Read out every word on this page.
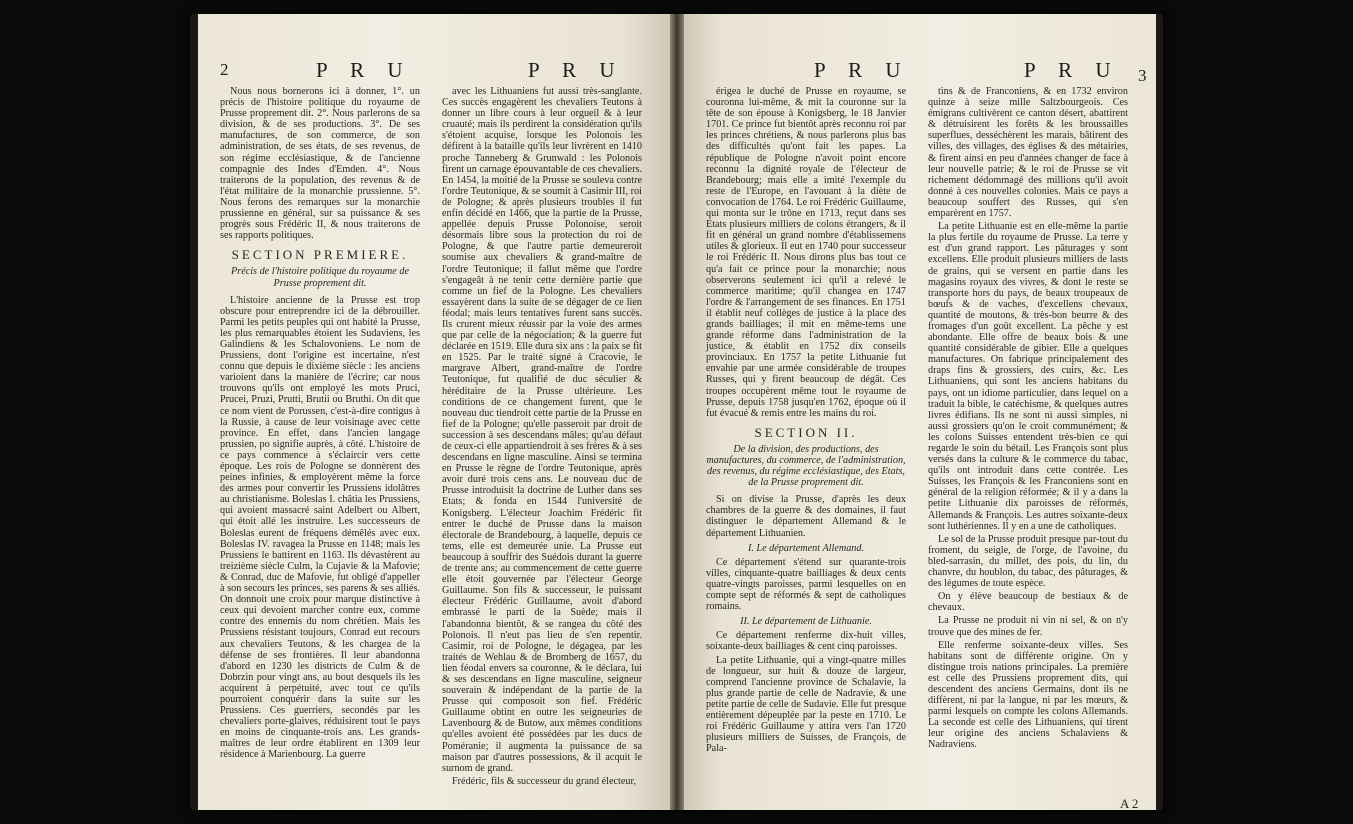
2	P R U	P R U

Nous nous bornerons ici à donner, 1°. un précis de l'histoire politique du royaume de Prusse proprement dit. 2°. Nous parlerons de sa division, & de ses productions. 3°. De ses manufactures, de son commerce, de son administration, de ses états, de ses revenus, de son régime ecclésiastique, & de l'ancienne compagnie des Indes d'Emden. 4°. Nous traiterons de la population, des revenus & de l'état militaire de la monarchie prussienne. 5°. Nous ferons des remarques sur la monarchie prussienne en général, sur sa puissance & ses progrès sous Frédéric II, & nous traiterons de ses rapports politiques.

SECTION PREMIERE.

Précis de l'histoire politique du royaume de Prusse proprement dit.

L'histoire ancienne de la Prusse est trop obscure pour entreprendre ici de la débrouiller. Parmi les petits peuples qui ont habité la Prusse, les plus remarquables étoient les Sudaviens, les Galindiens & les Schalovoniens. Le nom de Prussiens, dont l'origine est incertaine, n'est connu que depuis le dixième siècle : les anciens varioient dans la manière de l'écrire; car nous trouvons qu'ils ont employé les mots Pruci, Prucei, Pruzi, Prutti, Brutii ou Bruthi. On dit que ce nom vient de Porussen, c'est-à-dire contigus à la Russie, à cause de leur voisinage avec cette province. En effet, dans l'ancien langage prussien, po signifie auprès, à côté. L'histoire de ce pays commence à s'éclaircir vers cette époque. Les rois de Pologne se donnèrent des peines infinies, & employèrent même la force des armes pour convertir les Prussiens idolâtres au christianisme. Boleslas I. châtia les Prussiens, qui avoient massacré saint Adelbert ou Albert, qui étoit allé les instruire. Les successeurs de Boleslas eurent de fréquens démêlés avec eux. Boleslas IV. ravagea la Prusse en 1148; mais les Prussiens le battirent en 1163. Ils dévastèrent au treizième siècle Culm, la Cujavie & la Mafovie; & Conrad, duc de Mafovie, fut obligé d'appeller à son secours les princes, ses parens & ses alliés. On donnoit une croix pour marque distinctive à ceux qui devoient marcher contre eux, comme contre des ennemis du nom chrétien. Mais les Prussiens résistant toujours, Conrad eut recours aux chevaliers Teutons, & les chargea de la défense de ses frontières. Il leur abandonna d'abord en 1230 les districts de Culm & de Dobrzin pour vingt ans, au bout desquels ils les acquirent à perpétuité, avec tout ce qu'ils pourroient conquérir dans la suite sur les Prussiens. Ces guerriers, secondés par les chevaliers porte-glaives, réduisirent tout le pays en moins de cinquante-trois ans. Les grands-maîtres de leur ordre établirent en 1309 leur résidence à Marienbourg. La guerre

avec les Lithuaniens fut aussi très-sanglante. Ces succès engagèrent les chevaliers Teutons à donner un libre cours à leur orgueil & à leur cruauté; mais ils perdirent la considération qu'ils s'étoient acquise, lorsque les Polonois les défirent à la bataille qu'ils leur livrèrent en 1410 proche Tanneberg & Grunwald : les Polonois firent un carnage épouvantable de ces chevaliers. En 1454, la moitié de la Prusse se souleva contre l'ordre Teutonique, & se soumit à Casimir III, roi de Pologne; & après plusieurs troubles il fut enfin décidé en 1466, que la partie de la Prusse, appellée depuis Prusse Polonoise, seroit désormais libre sous la protection du roi de Pologne, & que l'autre partie demeureroit soumise aux chevaliers & grand-maître de l'ordre Teutonique; il fallut même que l'ordre s'engageât à ne tenir cette dernière partie que comme un fief de la Pologne. Les chevaliers essayèrent dans la suite de se dégager de ce lien féodal; mais leurs tentatives furent sans succès. Ils crurent mieux réussir par la voie des armes que par celle de la négociation; & la guerre fut déclarée en 1519. Elle dura six ans : la paix se fit en 1525. Par le traité signé à Cracovie, le margrave Albert, grand-maître de l'ordre Teutonique, fut qualifié de duc séculier & héréditaire de la Prusse ultérieure. Les conditions de ce changement furent, que le nouveau duc tiendroit cette partie de la Prusse en fief de la Pologne; qu'elle passeroit par droit de succession à ses descendans mâles; qu'au défaut de ceux-ci elle appartiendroit à ses frères & à ses descendans en ligne masculine. Ainsi se termina en Prusse le règne de l'ordre Teutonique, après avoir duré trois cens ans. Le nouveau duc de Prusse introduisit la doctrine de Luther dans ses Etats; & fonda en 1544 l'université de Konigsberg. L'électeur Joachim Frédéric fit entrer le duché de Prusse dans la maison électorale de Brandebourg, à laquelle, depuis ce tems, elle est demeurée unie. La Prusse eut beaucoup à souffrir des Suédois durant la guerre de trente ans; au commencement de cette guerre elle étoit gouvernée par l'électeur George Guillaume. Son fils & successeur, le puissant électeur Frédéric Guillaume, avoit d'abord embrassé le parti de la Suède; mais il l'abandonna bientôt, & se rangea du côté des Polonois. Il n'eut pas lieu de s'en repentir. Casimir, roi de Pologne, le dégagea, par les traités de Wehlau & de Bromberg de 1657, du lien féodal envers sa couronne, & le déclara, lui & ses descendans en ligne masculine, seigneur souverain & indépendant de la partie de la Prusse qui composoit son fief. Frédéric Guillaume obtint en outre les seigneuries de Lavenbourg & de Butow, aux mêmes conditions qu'elles avoient été possédées par les ducs de Poméranie; il augmenta la puissance de sa maison par d'autres possessions, & il acquit le surnom de grand.

Frédéric, fils & successeur du grand électeur,

P R U	P R U 3

érigea le duché de Prusse en royaume, se couronna lui-même, & mit la couronne sur la tête de son épouse à Konigsberg, le 18 Janvier 1701. Ce prince fut bientôt après reconnu roi par les princes chrétiens, & nous parlerons plus bas des difficultés qu'ont fait les papes. La république de Pologne n'avoit point encore reconnu la dignité royale de l'électeur de Brandebourg; mais elle a imité l'exemple du reste de l'Europe, en l'avouant à la diète de convocation de 1764. Le roi Frédéric Guillaume, qui monta sur le trône en 1713, reçut dans ses Etats plusieurs milliers de colons étrangers, & il fit en général un grand nombre d'établissemens utiles & glorieux. Il eut en 1740 pour successeur le roi Frédéric II. Nous dirons plus bas tout ce qu'a fait ce prince pour la monarchie; nous observerons seulement ici qu'il a relevé le commerce maritime; qu'il changea en 1747 l'ordre & l'arrangement de ses finances. En 1751 il établit neuf collèges de justice à la place des grands bailliages; il mit en même-tems une grande réforme dans l'administration de la justice, & établit en 1752 dix conseils provinciaux. En 1757 la petite Lithuanie fut envahie par une armée considérable de troupes Russes, qui y firent beaucoup de dégât. Ces troupes occupèrent même tout le royaume de Prusse, depuis 1758 jusqu'en 1762, époque où il fut évacué & remis entre les mains du roi.

SECTION II.

De la division, des productions, des manufactures, du commerce, de l'administration, des revenus, du régime ecclésiastique, des Etats, de la Prusse proprement dit.

Si on divise la Prusse, d'après les deux chambres de la guerre & des domaines, il faut distinguer le département Allemand & le département Lithuanien.

I. Le département Allemand.

Ce département s'étend sur quarante-trois villes, cinquante-quatre bailliages & deux cents quatre-vingts paroisses, parmi lesquelles on en compte sept de réformés & sept de catholiques romains.

II. Le département de Lithuanie.

Ce département renferme dix-huit villes, soixante-deux bailliages & cent cinq paroisses.

La petite Lithuanie, qui a vingt-quatre milles de longueur, sur huit & douze de largeur, comprend l'ancienne province de Schalavie, la plus grande partie de celle de Nadravie, & une petite partie de celle de Sudavie. Elle fut presque entièrement dépeuplée par la peste en 1710. Le roi Frédéric Guillaume y attira vers l'an 1720 plusieurs milliers de Suisses, de François, de Pala-

tins & de Franconiens, & en 1732 environ quinze à seize mille Saltzbourgeois. Ces émigrans cultivèrent ce canton désert, abattirent & détruisirent les forêts & les broussailles superflues, desséchèrent les marais, bâtirent des villes, des villages, des églises & des métairies, & firent ainsi en peu d'années changer de face à leur nouvelle patrie; & le roi de Prusse se vit richement dédommagé des millions qu'il avoit donné à ces nouvelles colonies. Mais ce pays a beaucoup souffert des Russes, qui s'en emparèrent en 1757.

La petite Lithuanie est en elle-même la partie la plus fertile du royaume de Prusse. La terre y est d'un grand rapport. Les pâturages y sont excellens. Elle produit plusieurs milliers de lasts de grains, qui se versent en partie dans les magasins royaux des vivres, & dont le reste se transporte hors du pays, de beaux troupeaux de bœufs & de vaches, d'excellens chevaux, quantité de moutons, & très-bon beurre & des fromages d'un goût excellent. La pêche y est abondante. Elle offre de beaux bois & une quantité considérable de gibier. Elle a quelques manufactures. On fabrique principalement des draps fins & grossiers, des cuirs, &c. Les Lithuaniens, qui sont les anciens habitans du pays, ont un idiome particulier, dans lequel on a traduit la bible, le catéchisme, & quelques autres livres édifians. Ils ne sont ni aussi simples, ni aussi grossiers qu'on le croit communément; & les colons Suisses entendent très-bien ce qui regarde le soin du bétail. Les François sont plus versés dans la culture & le commerce du tabac, qu'ils ont introduit dans cette contrée. Les Suisses, les François & les Franconiens sont en général de la religion réformée; & il y a dans la petite Lithuanie dix paroisses de réformés, Allemands & François. Les autres soixante-deux sont luthériennes. Il y en a une de catholiques.

Le sol de la Prusse produit presque par-tout du froment, du seigle, de l'orge, de l'avoine, du bled-sarrasin, du millet, des pois, du lin, du chanvre, du houblon, du tabac, des pâturages, & des légumes de toute espèce.

On y élève beaucoup de bestiaux & de chevaux.

La Prusse ne produit ni vin ni sel, & on n'y trouve que des mines de fer.

Elle renferme soixante-deux villes. Ses habitans sont de différente origine. On y distingue trois nations principales. La première est celle des Prussiens proprement dits, qui descendent des anciens Germains, dont ils ne diffèrent, ni par la langue, ni par les mœurs, & parmi lesquels on compte les colons Allemands. La seconde est celle des Lithuaniens, qui tirent leur origine des anciens Schalaviens & Nadraviens.

A 2
